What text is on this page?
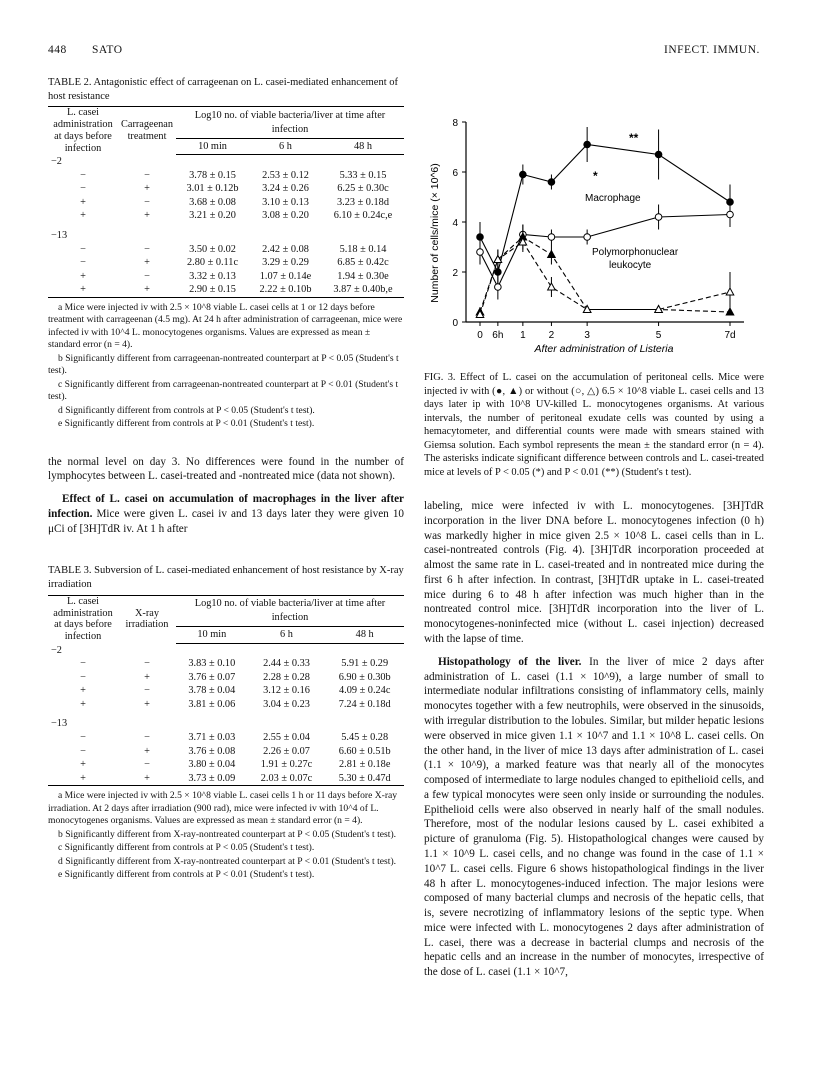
448 SATO	INFECT. IMMUN.
TABLE 2. Antagonistic effect of carrageenan on L. casei-mediated enhancement of host resistance
L. casei administration at days before infection	Carrageenan treatment	Log10 no. of viable bacteria/liver at time after infection		
		10 min	6 h	48 h
−2				
−	−	3.78 ± 0.15	2.53 ± 0.12	5.33 ± 0.15
−	+	3.01 ± 0.12b	3.24 ± 0.26	6.25 ± 0.30c
+	−	3.68 ± 0.08	3.10 ± 0.13	3.23 ± 0.18d
+	+	3.21 ± 0.20	3.08 ± 0.20	6.10 ± 0.24c,e

−13				
−	−	3.50 ± 0.02	2.42 ± 0.08	5.18 ± 0.14
−	+	2.80 ± 0.11c	3.29 ± 0.29	6.85 ± 0.42c
+	−	3.32 ± 0.13	1.07 ± 0.14e	1.94 ± 0.30e
+	+	2.90 ± 0.15	2.22 ± 0.10b	3.87 ± 0.40b,e

a Mice were injected iv with 2.5 × 10^8 viable L. casei cells at 1 or 12 days before treatment with carrageenan (4.5 mg). At 24 h after administration of carrageenan, mice were infected iv with 10^4 L. monocytogenes organisms. Values are expressed as mean ± standard error (n = 4).

b Significantly different from carrageenan-nontreated counterpart at P < 0.05 (Student's t test).

c Significantly different from carrageenan-nontreated counterpart at P < 0.01 (Student's t test).

d Significantly different from controls at P < 0.05 (Student's t test).

e Significantly different from controls at P < 0.01 (Student's t test).

the normal level on day 3. No differences were found in the number of lymphocytes between L. casei-treated and -nontreated mice (data not shown).

Effect of L. casei on accumulation of macrophages in the liver after infection. Mice were given L. casei iv and 13 days later they were given 10 μCi of [3H]TdR iv. At 1 h after

TABLE 3. Subversion of L. casei-mediated enhancement of host resistance by X-ray irradiation
L. casei administration at days before infection	X-ray irradiation	Log10 no. of viable bacteria/liver at time after infection		
		10 min	6 h	48 h
−2				
−	−	3.83 ± 0.10	2.44 ± 0.33	5.91 ± 0.29
−	+	3.76 ± 0.07	2.28 ± 0.28	6.90 ± 0.30b
+	−	3.78 ± 0.04	3.12 ± 0.16	4.09 ± 0.24c
+	+	3.81 ± 0.06	3.04 ± 0.23	7.24 ± 0.18d

−13				
−	−	3.71 ± 0.03	2.55 ± 0.04	5.45 ± 0.28
−	+	3.76 ± 0.08	2.26 ± 0.07	6.60 ± 0.51b
+	−	3.80 ± 0.04	1.91 ± 0.27c	2.81 ± 0.18e
+	+	3.73 ± 0.09	2.03 ± 0.07c	5.30 ± 0.47d

a Mice were injected iv with 2.5 × 10^8 viable L. casei cells 1 h or 11 days before X-ray irradiation. At 2 days after irradiation (900 rad), mice were infected iv with 10^4 of L. monocytogenes organisms. Values are expressed as mean ± standard error (n = 4).

b Significantly different from X-ray-nontreated counterpart at P < 0.05 (Student's t test).

c Significantly different from controls at P < 0.05 (Student's t test).

d Significantly different from X-ray-nontreated counterpart at P < 0.01 (Student's t test).

e Significantly different from controls at P < 0.01 (Student's t test).

0
2
4
6
8
0 6h 1 2	3	5	7d
Number of cells/mice (× 10^6)
After administration of Listeria
Macrophage
Polymorphonuclear
leukocyte
*
**
FIG. 3. Effect of L. casei on the accumulation of peritoneal cells. Mice were injected iv with (●, ▲) or without (○, △) 6.5 × 10^8 viable L. casei cells and 13 days later ip with 10^8 UV-killed L. monocytogenes organisms. At various intervals, the number of peritoneal exudate cells was counted by using a hemacytometer, and differential counts were made with smears stained with Giemsa solution. Each symbol represents the mean ± the standard error (n = 4). The asterisks indicate significant difference between controls and L. casei-treated mice at levels of P < 0.05 (*) and P < 0.01 (**) (Student's t test).

labeling, mice were infected iv with L. monocytogenes. [3H]TdR incorporation in the liver DNA before L. monocytogenes infection (0 h) was markedly higher in mice given 2.5 × 10^8 L. casei cells than in L. casei-nontreated controls (Fig. 4). [3H]TdR incorporation proceeded at almost the same rate in L. casei-treated and in nontreated mice during the first 6 h after infection. In contrast, [3H]TdR uptake in L. casei-treated mice during 6 to 48 h after infection was much higher than in the nontreated control mice. [3H]TdR incorporation into the liver of L. monocytogenes-noninfected mice (without L. casei injection) decreased with the lapse of time.

Histopathology of the liver. In the liver of mice 2 days after administration of L. casei (1.1 × 10^9), a large number of small to intermediate nodular infiltrations consisting of inflammatory cells, mainly monocytes together with a few neutrophils, were observed in the sinusoids, with irregular distribution to the lobules. Similar, but milder hepatic lesions were observed in mice given 1.1 × 10^7 and 1.1 × 10^8 L. casei cells. On the other hand, in the liver of mice 13 days after administration of L. casei (1.1 × 10^9), a marked feature was that nearly all of the monocytes composed of intermediate to large nodules changed to epithelioid cells, and a few typical monocytes were seen only inside or surrounding the nodules. Epithelioid cells were also observed in nearly half of the small nodules. Therefore, most of the nodular lesions caused by L. casei exhibited a picture of granuloma (Fig. 5). Histopathological changes were caused by 1.1 × 10^9 L. casei cells, and no change was found in the case of 1.1 × 10^7 L. casei cells. Figure 6 shows histopathological findings in the liver 48 h after L. monocytogenes-induced infection. The major lesions were composed of many bacterial clumps and necrosis of the hepatic cells, that is, severe necrotizing of inflammatory lesions of the septic type. When mice were infected with L. monocytogenes 2 days after administration of L. casei, there was a decrease in bacterial clumps and necrosis of the hepatic cells and an increase in the number of monocytes, irrespective of the dose of L. casei (1.1 × 10^7,
